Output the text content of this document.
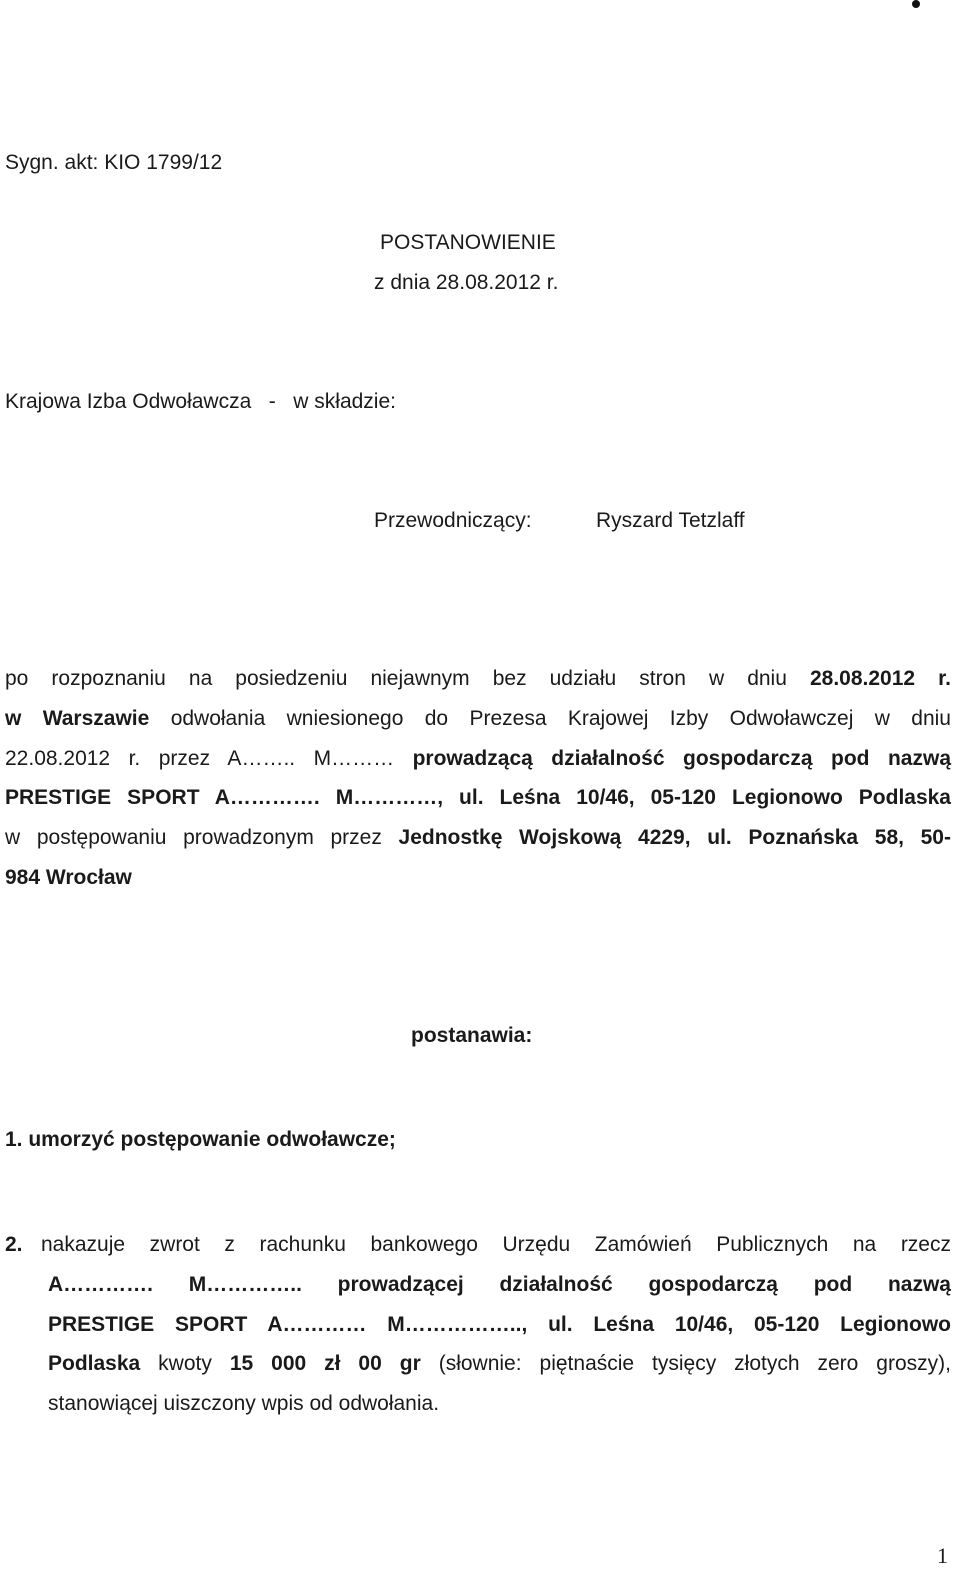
Sygn. akt: KIO 1799/12
POSTANOWIENIE
z dnia 28.08.2012 r.
Krajowa Izba Odwoławcza   -   w składzie:
Przewodniczący:	Ryszard Tetzlaff
po rozpoznaniu na posiedzeniu niejawnym bez udziału stron w dniu 28.08.2012 r.
w Warszawie odwołania wniesionego do Prezesa Krajowej Izby Odwoławczej w dniu
22.08.2012 r. przez A…….. M……… prowadzącą działalność gospodarczą pod nazwą
PRESTIGE SPORT A…………. M…………, ul. Leśna 10/46, 05-120 Legionowo Podlaska
w postępowaniu prowadzonym przez Jednostkę Wojskową 4229, ul. Poznańska 58, 50-
984 Wrocław
postanawia:
1. umorzyć postępowanie odwoławcze;
2. nakazuje zwrot z rachunku bankowego Urzędu Zamówień Publicznych na rzecz
A…………. M………….. prowadzącej działalność gospodarczą pod nazwą
PRESTIGE SPORT A………… M…………….., ul. Leśna 10/46, 05-120 Legionowo
Podlaska kwoty 15 000 zł 00 gr (słownie: piętnaście tysięcy złotych zero groszy),
stanowiącej uiszczony wpis od odwołania.
1
